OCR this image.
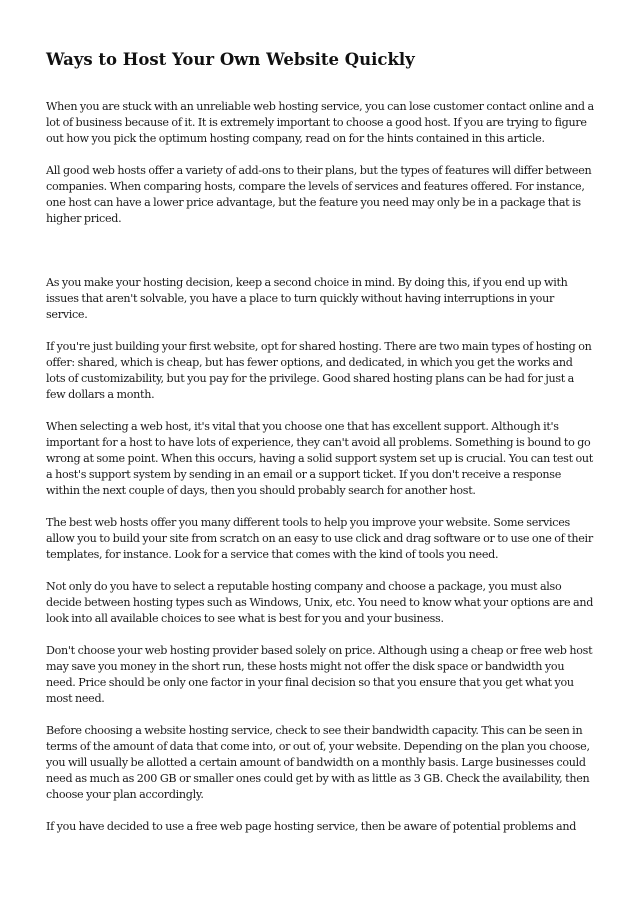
Ways to Host Your Own Website Quickly

When you are stuck with an unreliable web hosting service, you can lose customer contact online and a lot of business because of it. It is extremely important to choose a good host. If you are trying to figure out how you pick the optimum hosting company, read on for the hints contained in this article.

All good web hosts offer a variety of add-ons to their plans, but the types of features will differ between companies. When comparing hosts, compare the levels of services and features offered. For instance, one host can have a lower price advantage, but the feature you need may only be in a package that is higher priced.

As you make your hosting decision, keep a second choice in mind. By doing this, if you end up with issues that aren't solvable, you have a place to turn quickly without having interruptions in your service.

If you're just building your first website, opt for shared hosting. There are two main types of hosting on offer: shared, which is cheap, but has fewer options, and dedicated, in which you get the works and lots of customizability, but you pay for the privilege. Good shared hosting plans can be had for just a few dollars a month.

When selecting a web host, it's vital that you choose one that has excellent support. Although it's important for a host to have lots of experience, they can't avoid all problems. Something is bound to go wrong at some point. When this occurs, having a solid support system set up is crucial. You can test out a host's support system by sending in an email or a support ticket. If you don't receive a response within the next couple of days, then you should probably search for another host.

The best web hosts offer you many different tools to help you improve your website. Some services allow you to build your site from scratch on an easy to use click and drag software or to use one of their templates, for instance. Look for a service that comes with the kind of tools you need.

Not only do you have to select a reputable hosting company and choose a package, you must also decide between hosting types such as Windows, Unix, etc. You need to know what your options are and look into all available choices to see what is best for you and your business.

Don't choose your web hosting provider based solely on price. Although using a cheap or free web host may save you money in the short run, these hosts might not offer the disk space or bandwidth you need. Price should be only one factor in your final decision so that you ensure that you get what you most need.

Before choosing a website hosting service, check to see their bandwidth capacity. This can be seen in terms of the amount of data that come into, or out of, your website. Depending on the plan you choose, you will usually be allotted a certain amount of bandwidth on a monthly basis. Large businesses could need as much as 200 GB or smaller ones could get by with as little as 3 GB. Check the availability, then choose your plan accordingly.

If you have decided to use a free web page hosting service, then be aware of potential problems and
